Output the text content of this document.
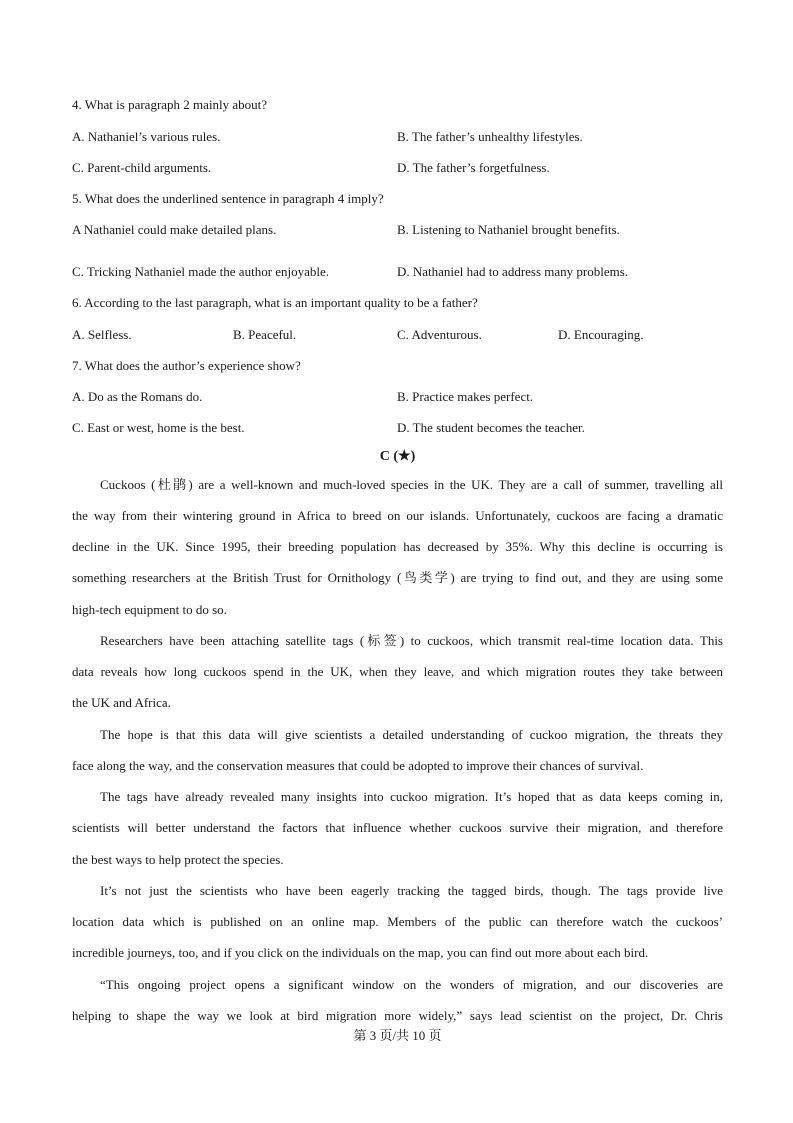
4. What is paragraph 2 mainly about?
A. Nathaniel’s various rules.	B. The father’s unhealthy lifestyles.
C. Parent-child arguments.	D. The father’s forgetfulness.
5. What does the underlined sentence in paragraph 4 imply?
A Nathaniel could make detailed plans.	B. Listening to Nathaniel brought benefits.
C. Tricking Nathaniel made the author enjoyable.	D. Nathaniel had to address many problems.
6. According to the last paragraph, what is an important quality to be a father?
A. Selfless.	B. Peaceful.	C. Adventurous.	D. Encouraging.
7. What does the author’s experience show?
A. Do as the Romans do.	B. Practice makes perfect.
C. East or west, home is the best.	D. The student becomes the teacher.
C (★)
Cuckoos (杜鹃) are a well-known and much-loved species in the UK. They are a call of summer, travelling all
the way from their wintering ground in Africa to breed on our islands. Unfortunately, cuckoos are facing a dramatic
decline in the UK. Since 1995, their breeding population has decreased by 35%. Why this decline is occurring is
something researchers at the British Trust for Ornithology (鸟类学) are trying to find out, and they are using some
high-tech equipment to do so.
Researchers have been attaching satellite tags (标签) to cuckoos, which transmit real-time location data. This
data reveals how long cuckoos spend in the UK, when they leave, and which migration routes they take between
the UK and Africa.
The hope is that this data will give scientists a detailed understanding of cuckoo migration, the threats they
face along the way, and the conservation measures that could be adopted to improve their chances of survival.
The tags have already revealed many insights into cuckoo migration. It’s hoped that as data keeps coming in,
scientists will better understand the factors that influence whether cuckoos survive their migration, and therefore
the best ways to help protect the species.
It’s not just the scientists who have been eagerly tracking the tagged birds, though. The tags provide live
location data which is published on an online map. Members of the public can therefore watch the cuckoos’
incredible journeys, too, and if you click on the individuals on the map, you can find out more about each bird.
“This ongoing project opens a significant window on the wonders of migration, and our discoveries are
helping to shape the way we look at bird migration more widely,” says lead scientist on the project, Dr. Chris
第 3 页/共 10 页
